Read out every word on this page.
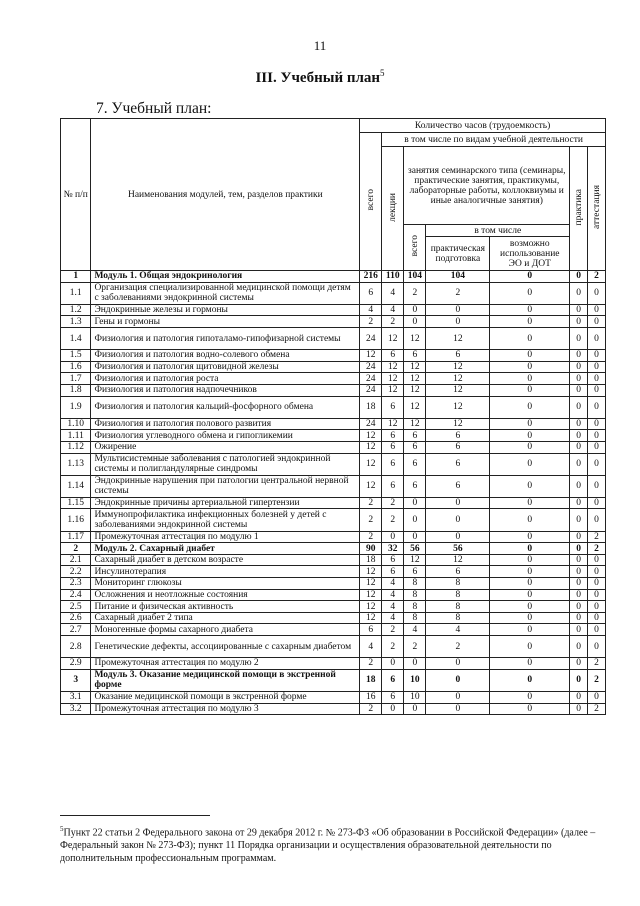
11
III. Учебный план$^5$
7. Учебный план:
№ п/п	Наименования модулей, тем, разделов практики	Количество часов (трудоемкость)						
		всего	в том числе по видам учебной деятельности					
			лекции	занятия семинарского типа (семинары, практические занятия, практикумы, лабораторные работы, коллоквиумы и иные аналогичные занятия)			практика	аттестация
				всего	в том числе			
					практическая подготовка	возможно использование ЭО и ДОТ		
1	Модуль 1. Общая эндокринология	216	110	104	104	0	0	2
1.1	Организация специализированной медицинской помощи детям с заболеваниями эндокринной системы	6	4	2	2	0	0	0
1.2	Эндокринные железы и гормоны	4	4	0	0	0	0	0
1.3	Гены и гормоны	2	2	0	0	0	0	0
1.4	Физиология и патология гипоталамо-гипофизарной системы	24	12	12	12	0	0	0
1.5	Физиология и патология водно-солевого обмена	12	6	6	6	0	0	0
1.6	Физиология и патология щитовидной железы	24	12	12	12	0	0	0
1.7	Физиология и патология роста	24	12	12	12	0	0	0
1.8	Физиология и патология надпочечников	24	12	12	12	0	0	0
1.9	Физиология и патология кальций-фосфорного обмена	18	6	12	12	0	0	0
1.10	Физиология и патология полового развития	24	12	12	12	0	0	0
1.11	Физиология углеводного обмена и гипогликемии	12	6	6	6	0	0	0
1.12	Ожирение	12	6	6	6	0	0	0
1.13	Мультисистемные заболевания с патологией эндокринной системы и полигландулярные синдромы	12	6	6	6	0	0	0
1.14	Эндокринные нарушения при патологии центральной нервной системы	12	6	6	6	0	0	0
1.15	Эндокринные причины артериальной гипертензии	2	2	0	0	0	0	0
1.16	Иммунопрофилактика инфекционных болезней у детей с заболеваниями эндокринной системы	2	2	0	0	0	0	0
1.17	Промежуточная аттестация по модулю 1	2	0	0	0	0	0	2
2	Модуль 2. Сахарный диабет	90	32	56	56	0	0	2
2.1	Сахарный диабет в детском возрасте	18	6	12	12	0	0	0
2.2	Инсулинотерапия	12	6	6	6	0	0	0
2.3	Мониторинг глюкозы	12	4	8	8	0	0	0
2.4	Осложнения и неотложные состояния	12	4	8	8	0	0	0
2.5	Питание и физическая активность	12	4	8	8	0	0	0
2.6	Сахарный диабет 2 типа	12	4	8	8	0	0	0
2.7	Моногенные формы сахарного диабета	6	2	4	4	0	0	0
2.8	Генетические дефекты, ассоциированные с сахарным диабетом	4	2	2	2	0	0	0
2.9	Промежуточная аттестация по модулю 2	2	0	0	0	0	0	2
3	Модуль 3. Оказание медицинской помощи в экстренной форме	18	6	10	0	0	0	2
3.1	Оказание медицинской помощи в экстренной форме	16	6	10	0	0	0	0
3.2	Промежуточная аттестация по модулю 3	2	0	0	0	0	0	2
$^5$Пункт 22 статьи 2 Федерального закона от 29 декабря 2012 г. № 273-ФЗ «Об образовании в Российской Федерации» (далее – Федеральный закон № 273-ФЗ); пункт 11 Порядка организации и осуществления образовательной деятельности по дополнительным профессиональным программам.
